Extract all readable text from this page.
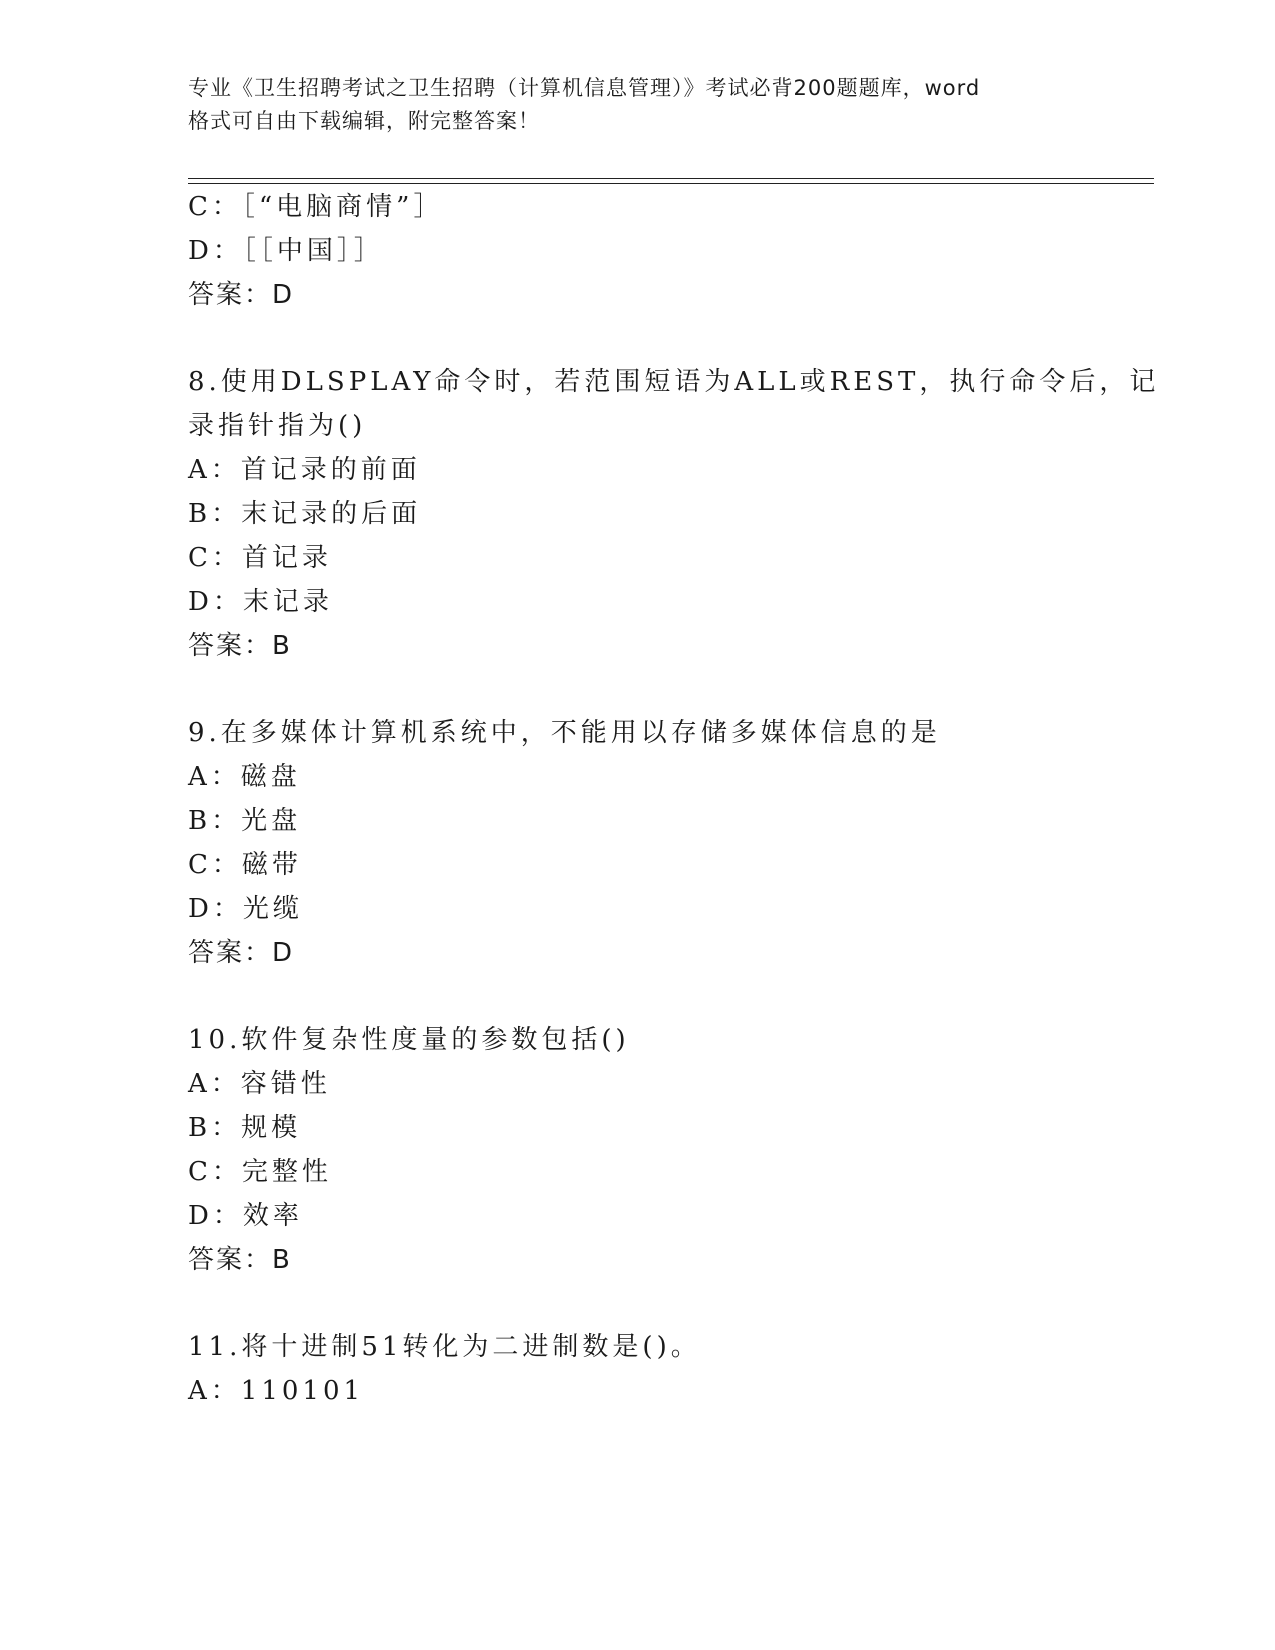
专业《卫生招聘考试之卫生招聘（计算机信息管理）》考试必背200题题库，word
格式可自由下载编辑，附完整答案！
C：［“电脑商情”］
D：［［中国］］
答案：D
8.使用DLSPLAY命令时，若范围短语为ALL或REST，执行命令后，记
录指针指为()
A：首记录的前面
B：末记录的后面
C：首记录
D：末记录
答案：B
9.在多媒体计算机系统中，不能用以存储多媒体信息的是
A：磁盘
B：光盘
C：磁带
D：光缆
答案：D
10.软件复杂性度量的参数包括()
A：容错性
B：规模
C：完整性
D：效率
答案：B
11.将十进制51转化为二进制数是()。
A：110101
